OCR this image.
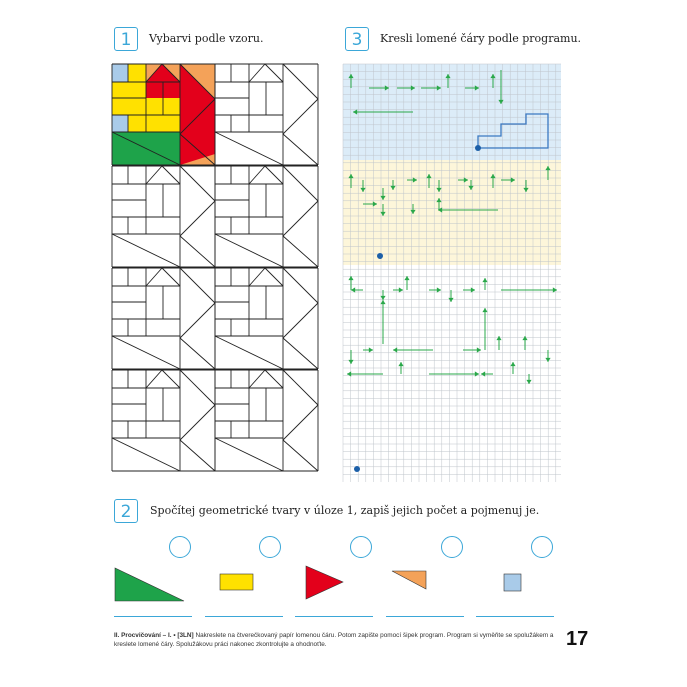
1	Vybarvi podle vzoru.	3	Kresli lomené čáry podle programu.
2	Spočítej geometrické tvary v úloze 1, zapiš jejich počet a pojmenuj je.
II. Procvičování – I. • [3LN] Nakreslete na čtverečkovaný papír lomenou čáru. Potom zapište pomocí šipek program. Program si vyměňte se spolužákem a kreslete lomené čáry. Spolužákovu práci nakonec zkontrolujte a ohodnoťte.	17
